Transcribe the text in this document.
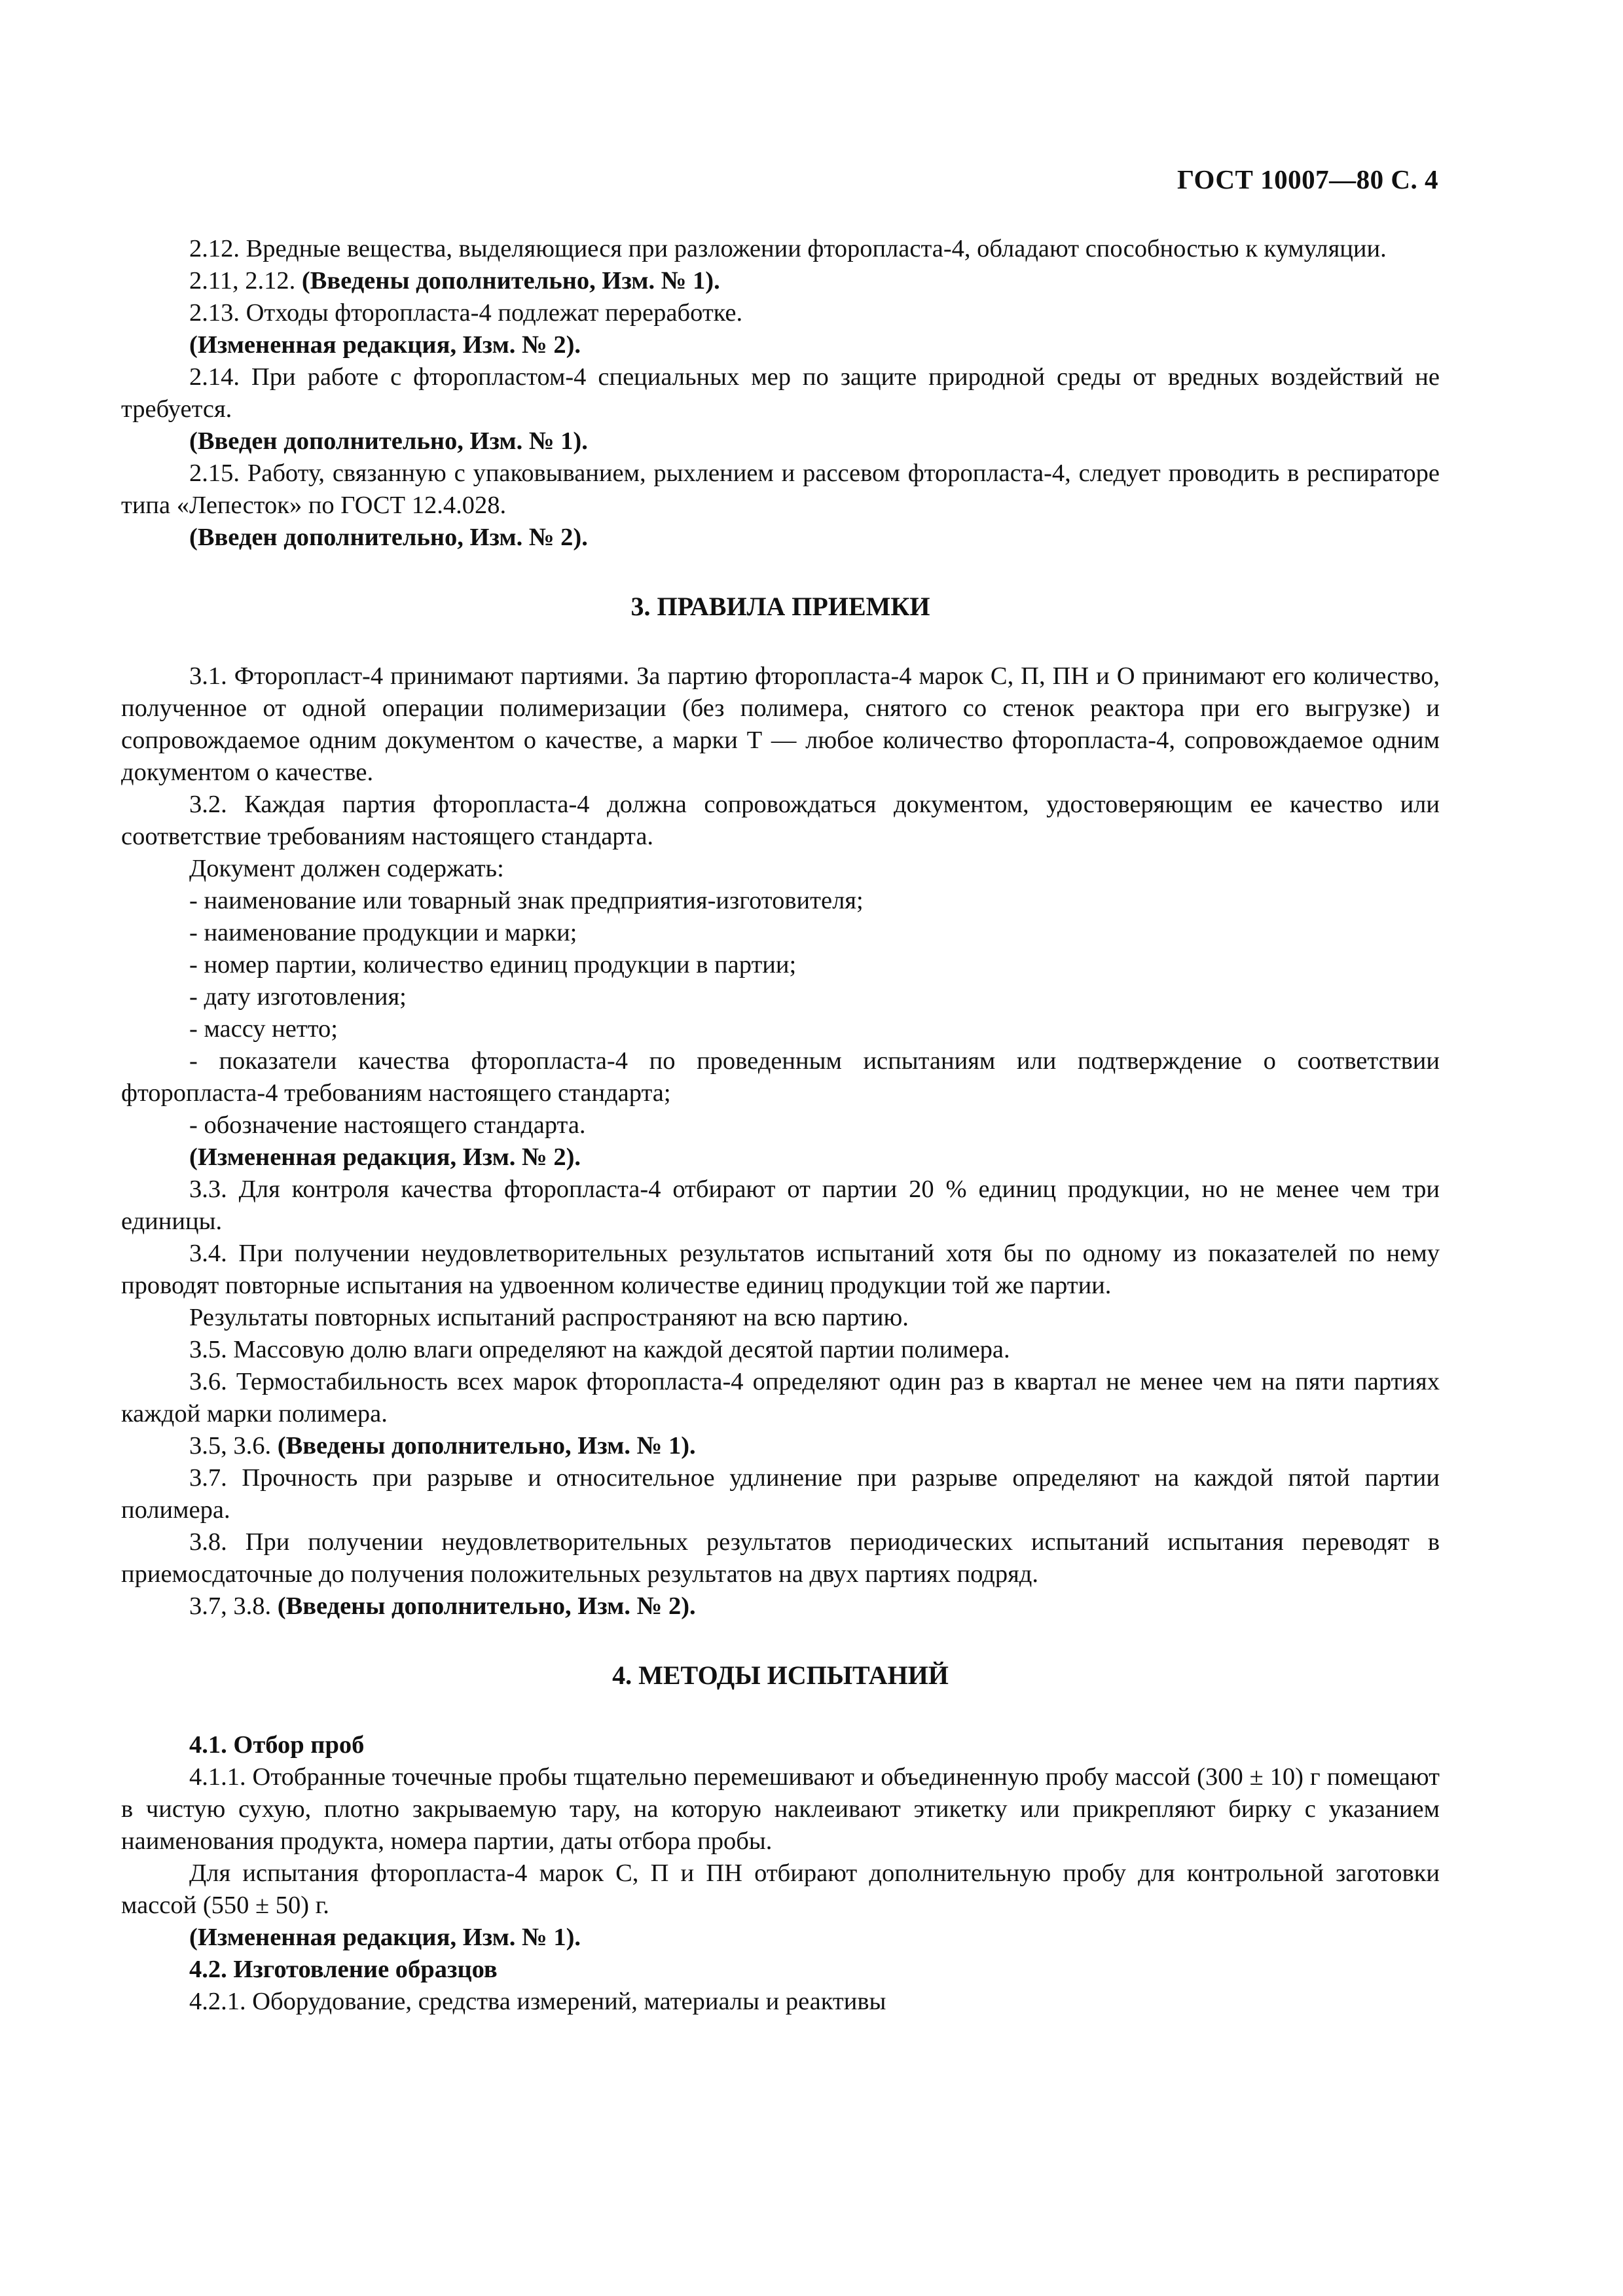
ГОСТ 10007—80 С. 4

2.12. Вредные вещества, выделяющиеся при разложении фторопласта-4, обладают способностью к кумуляции.

2.11, 2.12. (Введены дополнительно, Изм. № 1).

2.13. Отходы фторопласта-4 подлежат переработке.

(Измененная редакция, Изм. № 2).

2.14. При работе с фторопластом-4 специальных мер по защите природной среды от вредных воздействий не требуется.

(Введен дополнительно, Изм. № 1).

2.15. Работу, связанную с упаковыванием, рыхлением и рассевом фторопласта-4, следует проводить в респираторе типа «Лепесток» по ГОСТ 12.4.028.

(Введен дополнительно, Изм. № 2).

3. ПРАВИЛА ПРИЕМКИ

3.1. Фторопласт-4 принимают партиями. За партию фторопласта-4 марок С, П, ПН и О принимают его количество, полученное от одной операции полимеризации (без полимера, снятого со стенок реактора при его выгрузке) и сопровождаемое одним документом о качестве, а марки Т — любое количество фторопласта-4, сопровождаемое одним документом о качестве.

3.2. Каждая партия фторопласта-4 должна сопровождаться документом, удостоверяющим ее качество или соответствие требованиям настоящего стандарта.

Документ должен содержать:

- наименование или товарный знак предприятия-изготовителя;

- наименование продукции и марки;

- номер партии, количество единиц продукции в партии;

- дату изготовления;

- массу нетто;

- показатели качества фторопласта-4 по проведенным испытаниям или подтверждение о соответствии фторопласта-4 требованиям настоящего стандарта;

- обозначение настоящего стандарта.

(Измененная редакция, Изм. № 2).

3.3. Для контроля качества фторопласта-4 отбирают от партии 20 % единиц продукции, но не менее чем три единицы.

3.4. При получении неудовлетворительных результатов испытаний хотя бы по одному из показателей по нему проводят повторные испытания на удвоенном количестве единиц продукции той же партии.

Результаты повторных испытаний распространяют на всю партию.

3.5. Массовую долю влаги определяют на каждой десятой партии полимера.

3.6. Термостабильность всех марок фторопласта-4 определяют один раз в квартал не менее чем на пяти партиях каждой марки полимера.

3.5, 3.6. (Введены дополнительно, Изм. № 1).

3.7. Прочность при разрыве и относительное удлинение при разрыве определяют на каждой пятой партии полимера.

3.8. При получении неудовлетворительных результатов периодических испытаний испытания переводят в приемосдаточные до получения положительных результатов на двух партиях подряд.

3.7, 3.8. (Введены дополнительно, Изм. № 2).

4. МЕТОДЫ ИСПЫТАНИЙ

4.1. Отбор проб

4.1.1. Отобранные точечные пробы тщательно перемешивают и объединенную пробу массой (300 ± 10) г помещают в чистую сухую, плотно закрываемую тару, на которую наклеивают этикетку или прикрепляют бирку с указанием наименования продукта, номера партии, даты отбора пробы.

Для испытания фторопласта-4 марок С, П и ПН отбирают дополнительную пробу для контрольной заготовки массой (550 ± 50) г.

(Измененная редакция, Изм. № 1).

4.2. Изготовление образцов

4.2.1. Оборудование, средства измерений, материалы и реактивы
